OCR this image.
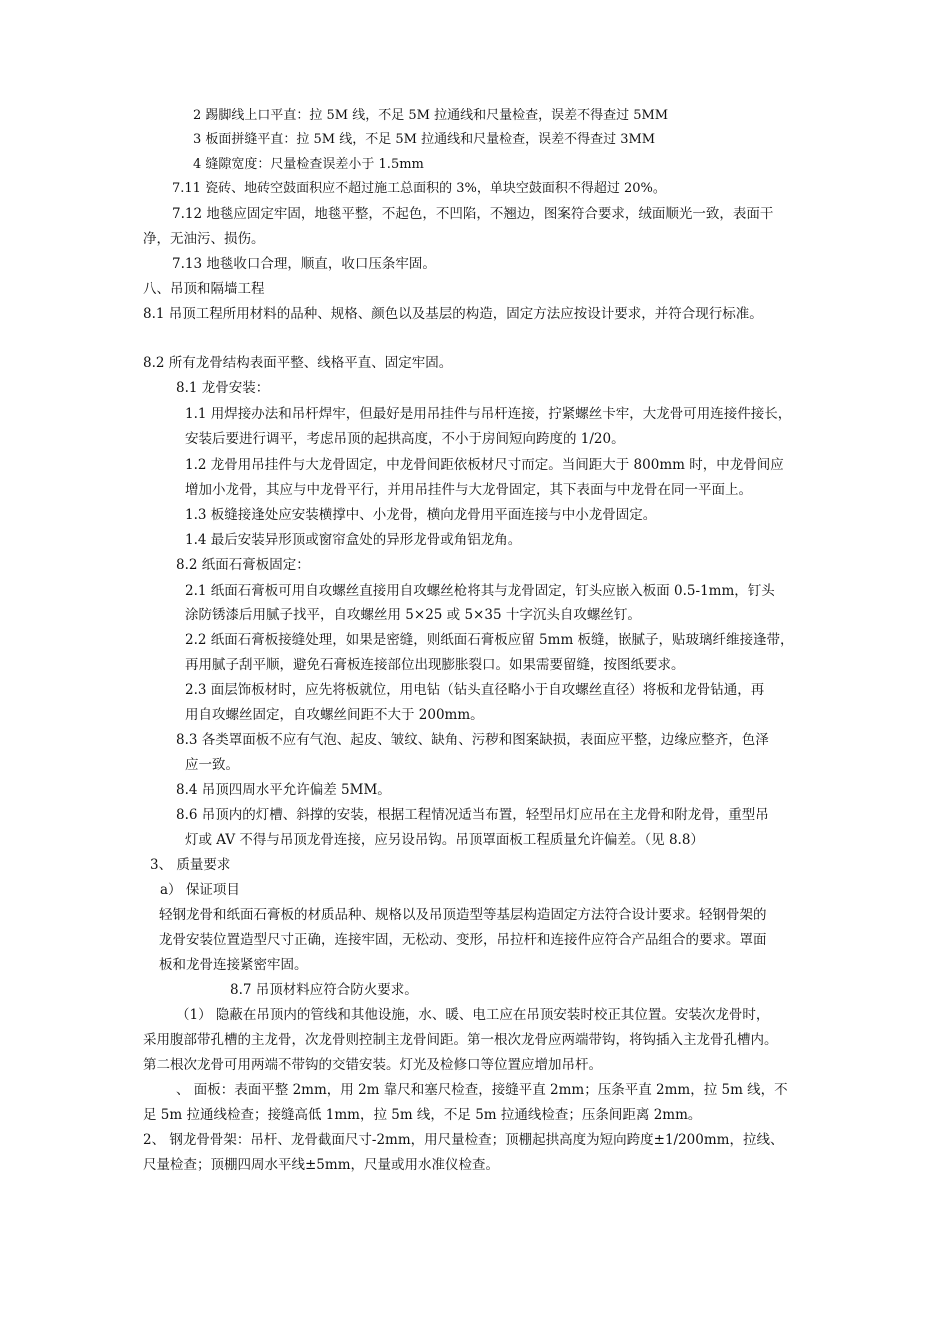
2 踢脚线上口平直：拉 5M 线，不足 5M 拉通线和尺量检查，误差不得查过 5MM
3 板面拼缝平直：拉 5M 线，不足 5M 拉通线和尺量检查，误差不得查过 3MM
4 缝隙宽度：尺量检查误差小于 1.5mm
7.11 瓷砖、地砖空鼓面积应不超过施工总面积的 3%，单块空鼓面积不得超过 20%。
7.12 地毯应固定牢固，地毯平整，不起色，不凹陷，不翘边，图案符合要求，绒面顺光一致，表面干
净，无油污、损伤。
7.13 地毯收口合理，顺直，收口压条牢固。
八、吊顶和隔墙工程
8.1 吊顶工程所用材料的品种、规格、颜色以及基层的构造，固定方法应按设计要求，并符合现行标准。
8.2 所有龙骨结构表面平整、线格平直、固定牢固。
8.1 龙骨安装：
1.1 用焊接办法和吊杆焊牢，但最好是用吊挂件与吊杆连接，拧紧螺丝卡牢，大龙骨可用连接件接长，
安装后要进行调平，考虑吊顶的起拱高度，不小于房间短向跨度的 1/20。
1.2 龙骨用吊挂件与大龙骨固定，中龙骨间距依板材尺寸而定。当间距大于 800mm 时，中龙骨间应
增加小龙骨，其应与中龙骨平行，并用吊挂件与大龙骨固定，其下表面与中龙骨在同一平面上。
1.3 板缝接逢处应安装横撑中、小龙骨，横向龙骨用平面连接与中小龙骨固定。
1.4 最后安装异形顶或窗帘盒处的异形龙骨或角铝龙角。
8.2 纸面石膏板固定：
2.1 纸面石膏板可用自攻螺丝直接用自攻螺丝枪将其与龙骨固定，钉头应嵌入板面 0.5-1mm，钉头
涂防锈漆后用腻子找平，自攻螺丝用 5×25 或 5×35 十字沉头自攻螺丝钉。
2.2 纸面石膏板接缝处理，如果是密缝，则纸面石膏板应留 5mm 板缝，嵌腻子，贴玻璃纤维接逢带，
再用腻子刮平顺，避免石膏板连接部位出现膨胀裂口。如果需要留缝，按图纸要求。
2.3 面层饰板材时，应先将板就位，用电钻（钻头直径略小于自攻螺丝直径）将板和龙骨钻通，再
用自攻螺丝固定，自攻螺丝间距不大于 200mm。
8.3 各类罩面板不应有气泡、起皮、皱纹、缺角、污秽和图案缺损，表面应平整，边缘应整齐，色泽
应一致。
8.4 吊顶四周水平允许偏差 5MM。
8.6 吊顶内的灯槽、斜撑的安装，根据工程情况适当布置，轻型吊灯应吊在主龙骨和附龙骨，重型吊
灯或 AV 不得与吊顶龙骨连接，应另设吊钩。吊顶罩面板工程质量允许偏差。（见 8.8）
3、 质量要求
a） 保证项目
轻钢龙骨和纸面石膏板的材质品种、规格以及吊顶造型等基层构造固定方法符合设计要求。轻钢骨架的
龙骨安装位置造型尺寸正确，连接牢固，无松动、变形，吊拉杆和连接件应符合产品组合的要求。罩面
板和龙骨连接紧密牢固。
8.7 吊顶材料应符合防火要求。
（1） 隐蔽在吊顶内的管线和其他设施，水、暖、电工应在吊顶安装时校正其位置。安装次龙骨时，
采用腹部带孔槽的主龙骨，次龙骨则控制主龙骨间距。第一根次龙骨应两端带钩，将钩插入主龙骨孔槽内。
第二根次龙骨可用两端不带钩的交错安装。灯光及检修口等位置应增加吊杆。
、 面板：表面平整 2mm，用 2m 靠尺和塞尺检查，接缝平直 2mm；压条平直 2mm，拉 5m 线，不
足 5m 拉通线检查；接缝高低 1mm，拉 5m 线，不足 5m 拉通线检查；压条间距离 2mm。
2、 钢龙骨骨架：吊杆、龙骨截面尺寸-2mm，用尺量检查；顶棚起拱高度为短向跨度±1/200mm，拉线、
尺量检查；顶棚四周水平线±5mm，尺量或用水准仪检查。
